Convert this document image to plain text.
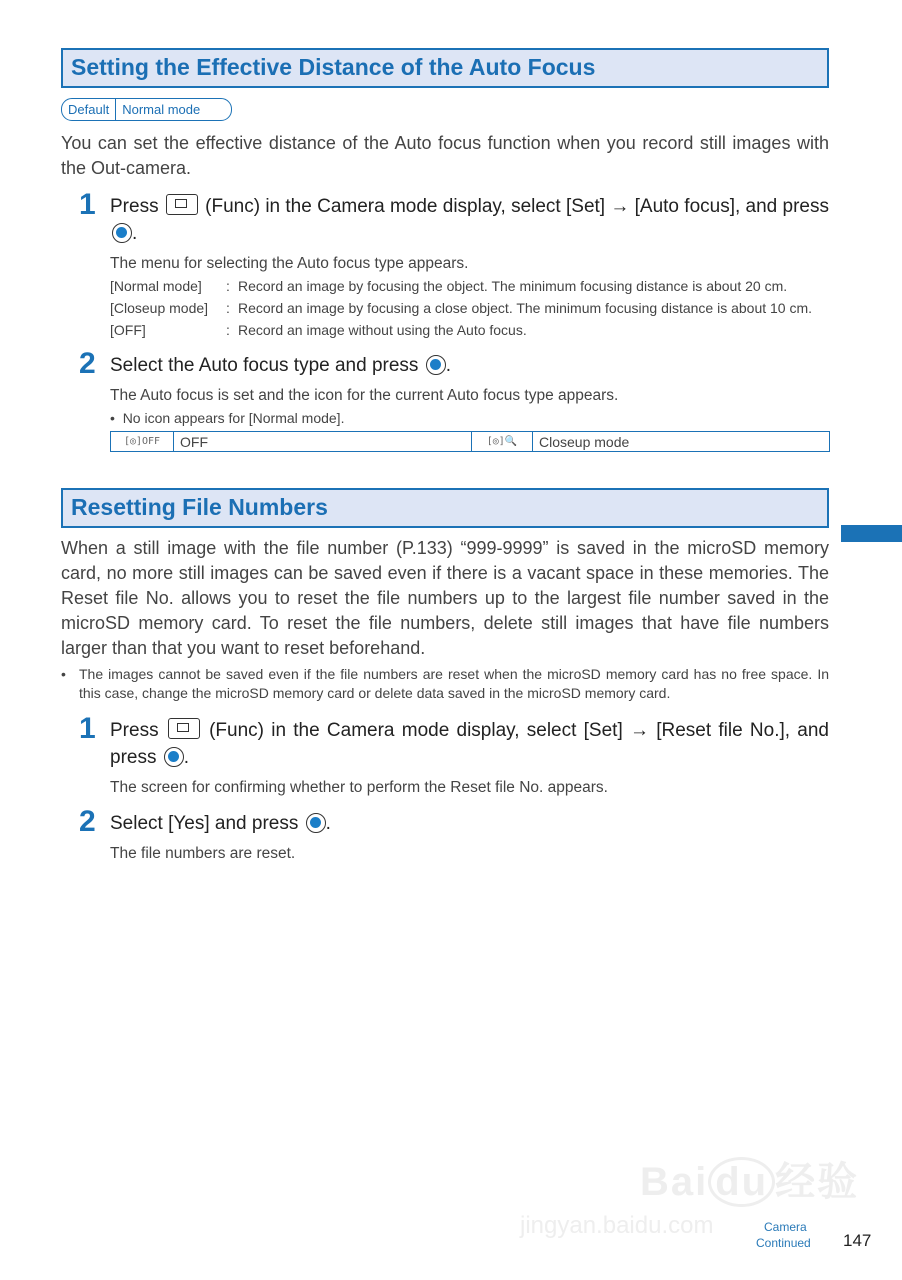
Setting the Effective Distance of the Auto Focus
Default	Normal mode
You can set the effective distance of the Auto focus function when you record still images with the Out-camera.
1 Press  (Func) in the Camera mode display, select [Set] → [Auto focus], and press .
The menu for selecting the Auto focus type appears.
[Normal mode]	: Record an image by focusing the object. The minimum focusing distance is about 20 cm.
[Closeup mode]	: Record an image by focusing a close object. The minimum focusing distance is about 10 cm.
[OFF]	: Record an image without using the Auto focus.
2 Select the Auto focus type and press .
The Auto focus is set and the icon for the current Auto focus type appears.
•  No icon appears for [Normal mode].
[◎]OFF	OFF	[◎]🔍	Closeup mode
Resetting File Numbers
When a still image with the file number (P.133) “999-9999” is saved in the microSD memory card, no more still images can be saved even if there is a vacant space in these memories. The Reset file No. allows you to reset the file numbers up to the largest file number saved in the microSD memory card. To reset the file numbers, delete still images that have file numbers larger than that you want to reset beforehand.
• The images cannot be saved even if the file numbers are reset when the microSD memory card has no free space. In this case, change the microSD memory card or delete data saved in the microSD memory card.
1 Press  (Func) in the Camera mode display, select [Set] → [Reset file No.], and press .
The screen for confirming whether to perform the Reset file No. appears.
2 Select [Yes] and press .
The file numbers are reset.
Bai du 经验
jingyan.baidu.com	Camera
Continued 147
